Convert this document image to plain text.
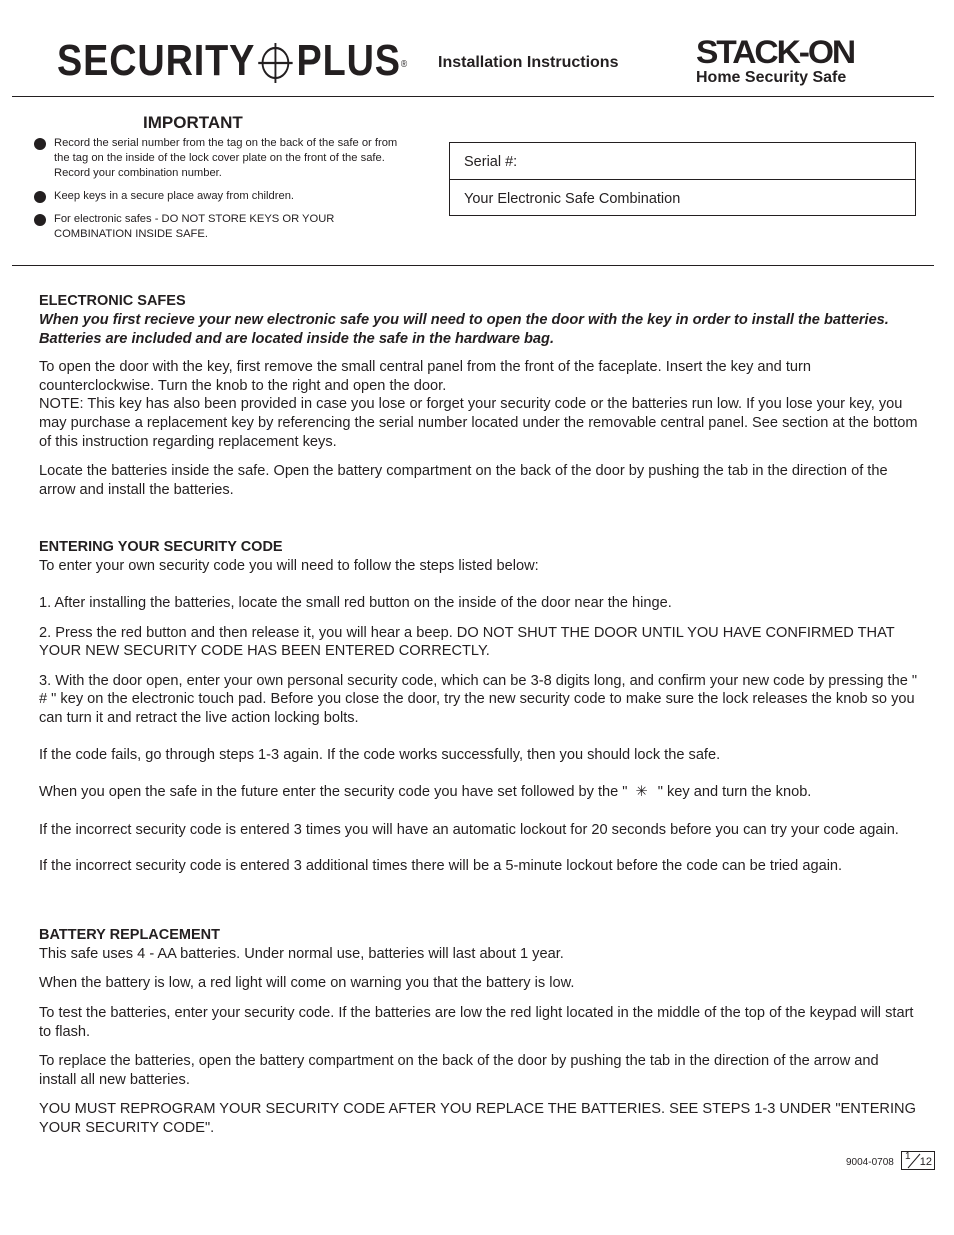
SECURITY PLUS® Installation Instructions STACK-ON
Home Security Safe
IMPORTANT
Record the serial number from the tag on the back of the safe or from the tag on the inside of the lock cover plate on the front of the safe. Record your combination number.
Keep keys in a secure place away from children.
For electronic safes - DO NOT STORE KEYS OR YOUR COMBINATION INSIDE SAFE.
Serial #:
Your Electronic Safe Combination
ELECTRONIC SAFES

When you first recieve your new electronic safe you will need to open the door with the key in order to install the batteries. Batteries are included and are located inside the safe in the hardware bag.

To open the door with the key, first remove the small central panel from the front of the faceplate. Insert the key and turn counterclockwise. Turn the knob to the right and open the door.

NOTE: This key has also been provided in case you lose or forget your security code or the batteries run low. If you lose your key, you may purchase a replacement key by referencing the serial number located under the removable central panel. See section at the bottom of this instruction regarding replacement keys.

Locate the batteries inside the safe. Open the battery compartment on the back of the door by pushing the tab in the direction of the arrow and install the batteries.

ENTERING YOUR SECURITY CODE

To enter your own security code you will need to follow the steps listed below:

1. After installing the batteries, locate the small red button on the inside of the door near the hinge.

2. Press the red button and then release it, you will hear a beep. DO NOT SHUT THE DOOR UNTIL YOU HAVE CONFIRMED THAT YOUR NEW SECURITY CODE HAS BEEN ENTERED CORRECTLY.

3. With the door open, enter your own personal security code, which can be 3-8 digits long, and confirm your new code by pressing the " # " key on the electronic touch pad. Before you close the door, try the new security code to make sure the lock releases the knob so you can turn it and retract the live action locking bolts.

If the code fails, go through steps 1-3 again. If the code works successfully, then you should lock the safe.

When you open the safe in the future enter the security code you have set followed by the " ✳ " key and turn the knob.

If the incorrect security code is entered 3 times you will have an automatic lockout for 20 seconds before you can try your code again.

If the incorrect security code is entered 3 additional times there will be a 5-minute lockout before the code can be tried again.

BATTERY REPLACEMENT

This safe uses 4 - AA batteries. Under normal use, batteries will last about 1 year.

When the battery is low, a red light will come on warning you that the battery is low.

To test the batteries, enter your security code. If the batteries are low the red light located in the middle of the top of the keypad will start to flash.

To replace the batteries, open the battery compartment on the back of the door by pushing the tab in the direction of the arrow and install all new batteries.

YOU MUST REPROGRAM YOUR SECURITY CODE AFTER YOU REPLACE THE BATTERIES. SEE STEPS 1-3 UNDER "ENTERING YOUR SECURITY CODE".

9004-0708
1 12
